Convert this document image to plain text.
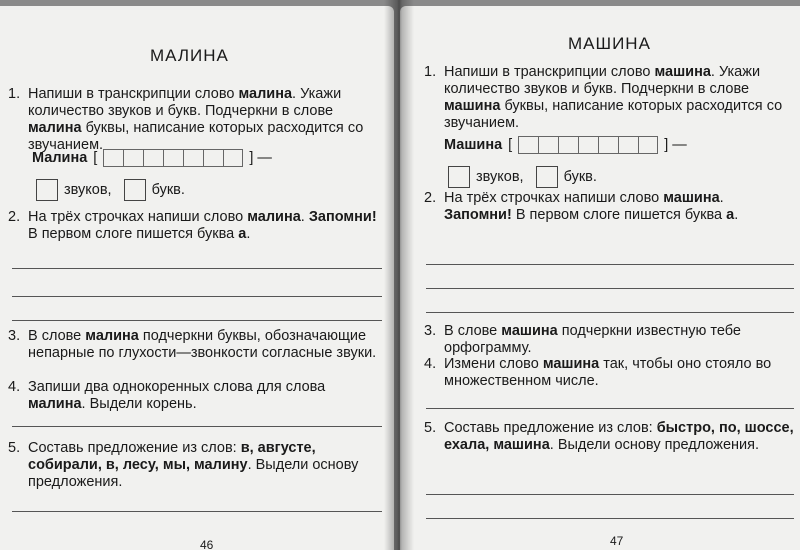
МАЛИНА
1. Напиши в транскрипции слово малина. Укажи количество звуков и букв. Подчеркни в слове малина буквы, написание которых расходится со звучанием.
Малина [	] —
звуков,	букв.
2. На трёх строчках напиши слово малина. Запомни! В первом слоге пишется буква а.
3. В слове малина подчеркни буквы, обозначающие непарные по глухости—звонкости согласные звуки.
4. Запиши два однокоренных слова для слова малина. Выдели корень.
5. Составь предложение из слов: в, августе, собирали, в, лесу, мы, малину. Выдели основу предложения.
46
МАШИНА
1. Напиши в транскрипции слово машина. Укажи количество звуков и букв. Подчеркни в слове машина буквы, написание которых расходится со звучанием.
Машина [	] —
звуков,	букв.
2. На трёх строчках напиши слово машина. Запомни! В первом слоге пишется буква а.
3. В слове машина подчеркни известную тебе орфограмму.
4. Измени слово машина так, чтобы оно стояло во множественном числе.
5. Составь предложение из слов: быстро, по, шоссе, ехала, машина. Выдели основу предложения.
47
